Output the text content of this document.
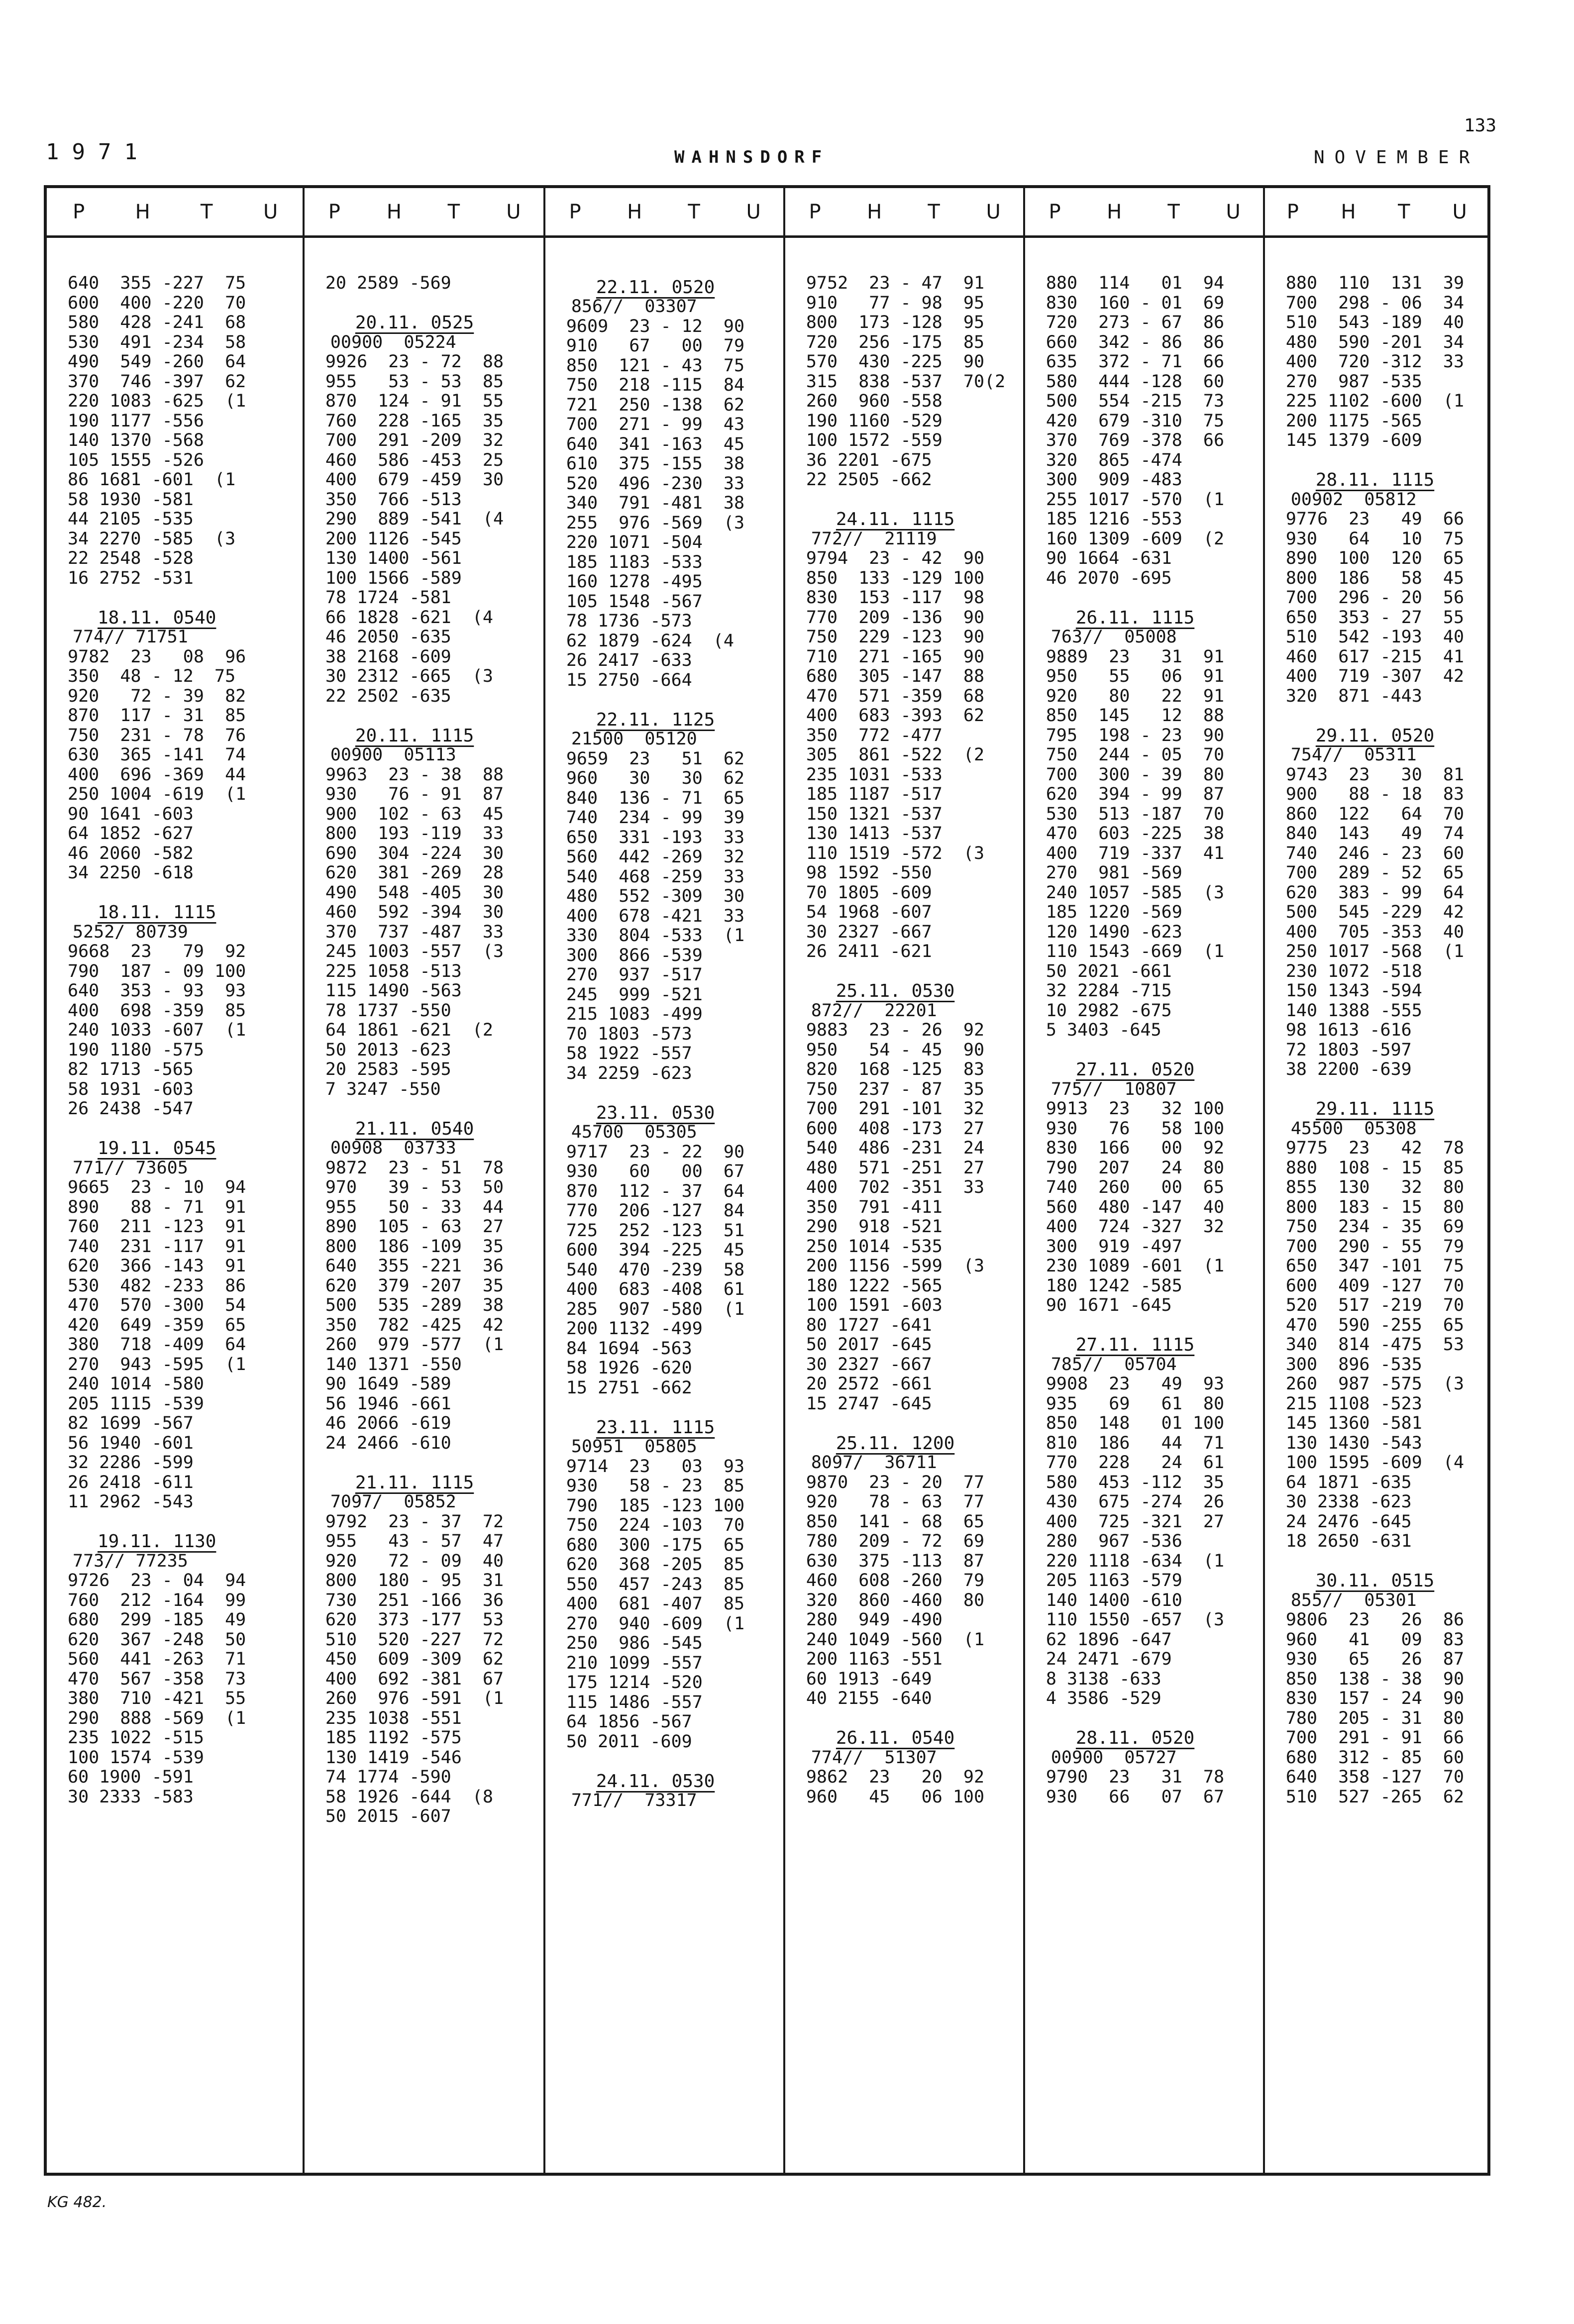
133
1971	WAHNSDORF	NOVEMBER
P	H	T	U
640  355 -227  75
600  400 -220  70
580  428 -241  68
530  491 -234  58
490  549 -260  64
370  746 -397  62
220 1083 -625  (1
190 1177 -556
140 1370 -568
105 1555 -526
86 1681 -601  (1
58 1930 -581
44 2105 -535
34 2270 -585  (3
22 2548 -528
16 2752 -531
18.11. 0540
774// 71751
9782  23   08  96
350  48 - 12  75
920   72 - 39  82
870  117 - 31  85
750  231 - 78  76
630  365 -141  74
400  696 -369  44
250 1004 -619  (1
90 1641 -603
64 1852 -627
46 2060 -582
34 2250 -618
18.11. 1115
5252/ 80739
9668  23   79  92
790  187 - 09 100
640  353 - 93  93
400  698 -359  85
240 1033 -607  (1
190 1180 -575
82 1713 -565
58 1931 -603
26 2438 -547
19.11. 0545
771// 73605
9665  23 - 10  94
890   88 - 71  91
760  211 -123  91
740  231 -117  91
620  366 -143  91
530  482 -233  86
470  570 -300  54
420  649 -359  65
380  718 -409  64
270  943 -595  (1
240 1014 -580
205 1115 -539
82 1699 -567
56 1940 -601
32 2286 -599
26 2418 -611
11 2962 -543
19.11. 1130
773// 77235
9726  23 - 04  94
760  212 -164  99
680  299 -185  49
620  367 -248  50
560  441 -263  71
470  567 -358  73
380  710 -421  55
290  888 -569  (1
235 1022 -515
100 1574 -539
60 1900 -591
30 2333 -583
P	H	T	U
20 2589 -569
20.11. 0525
00900  05224
9926  23 - 72  88
955   53 - 53  85
870  124 - 91  55
760  228 -165  35
700  291 -209  32
460  586 -453  25
400  679 -459  30
350  766 -513
290  889 -541  (4
200 1126 -545
130 1400 -561
100 1566 -589
78 1724 -581
66 1828 -621  (4
46 2050 -635
38 2168 -609
30 2312 -665  (3
22 2502 -635
20.11. 1115
00900  05113
9963  23 - 38  88
930   76 - 91  87
900  102 - 63  45
800  193 -119  33
690  304 -224  30
620  381 -269  28
490  548 -405  30
460  592 -394  30
370  737 -487  33
245 1003 -557  (3
225 1058 -513
115 1490 -563
78 1737 -550
64 1861 -621  (2
50 2013 -623
20 2583 -595
7 3247 -550
21.11. 0540
00908  03733
9872  23 - 51  78
970   39 - 53  50
955   50 - 33  44
890  105 - 63  27
800  186 -109  35
640  355 -221  36
620  379 -207  35
500  535 -289  38
350  782 -425  42
260  979 -577  (1
140 1371 -550
90 1649 -589
56 1946 -661
46 2066 -619
24 2466 -610
21.11. 1115
7097/  05852
9792  23 - 37  72
955   43 - 57  47
920   72 - 09  40
800  180 - 95  31
730  251 -166  36
620  373 -177  53
510  520 -227  72
450  609 -309  62
400  692 -381  67
260  976 -591  (1
235 1038 -551
185 1192 -575
130 1419 -546
74 1774 -590
58 1926 -644  (8
50 2015 -607
P	H	T	U
22.11. 0520
856//  03307
9609  23 - 12  90
910   67   00  79
850  121 - 43  75
750  218 -115  84
721  250 -138  62
700  271 - 99  43
640  341 -163  45
610  375 -155  38
520  496 -230  33
340  791 -481  38
255  976 -569  (3
220 1071 -504
185 1183 -533
160 1278 -495
105 1548 -567
78 1736 -573
62 1879 -624  (4
26 2417 -633
15 2750 -664
22.11. 1125
21500  05120
9659  23   51  62
960   30   30  62
840  136 - 71  65
740  234 - 99  39
650  331 -193  33
560  442 -269  32
540  468 -259  33
480  552 -309  30
400  678 -421  33
330  804 -533  (1
300  866 -539
270  937 -517
245  999 -521
215 1083 -499
70 1803 -573
58 1922 -557
34 2259 -623
23.11. 0530
45700  05305
9717  23 - 22  90
930   60   00  67
870  112 - 37  64
770  206 -127  84
725  252 -123  51
600  394 -225  45
540  470 -239  58
400  683 -408  61
285  907 -580  (1
200 1132 -499
84 1694 -563
58 1926 -620
15 2751 -662
23.11. 1115
50951  05805
9714  23   03  93
930   58 - 23  85
790  185 -123 100
750  224 -103  70
680  300 -175  65
620  368 -205  85
550  457 -243  85
400  681 -407  85
270  940 -609  (1
250  986 -545
210 1099 -557
175 1214 -520
115 1486 -557
64 1856 -567
50 2011 -609
24.11. 0530
771//  73317
P	H	T	U
9752  23 - 47  91
910   77 - 98  95
800  173 -128  95
720  256 -175  85
570  430 -225  90
315  838 -537  70(2
260  960 -558
190 1160 -529
100 1572 -559
36 2201 -675
22 2505 -662
24.11. 1115
772//  21119
9794  23 - 42  90
850  133 -129 100
830  153 -117  98
770  209 -136  90
750  229 -123  90
710  271 -165  90
680  305 -147  88
470  571 -359  68
400  683 -393  62
350  772 -477
305  861 -522  (2
235 1031 -533
185 1187 -517
150 1321 -537
130 1413 -537
110 1519 -572  (3
98 1592 -550
70 1805 -609
54 1968 -607
30 2327 -667
26 2411 -621
25.11. 0530
872//  22201
9883  23 - 26  92
950   54 - 45  90
820  168 -125  83
750  237 - 87  35
700  291 -101  32
600  408 -173  27
540  486 -231  24
480  571 -251  27
400  702 -351  33
350  791 -411
290  918 -521
250 1014 -535
200 1156 -599  (3
180 1222 -565
100 1591 -603
80 1727 -641
50 2017 -645
30 2327 -667
20 2572 -661
15 2747 -645
25.11. 1200
8097/  36711
9870  23 - 20  77
920   78 - 63  77
850  141 - 68  65
780  209 - 72  69
630  375 -113  87
460  608 -260  79
320  860 -460  80
280  949 -490
240 1049 -560  (1
200 1163 -551
60 1913 -649
40 2155 -640
26.11. 0540
774//  51307
9862  23   20  92
960   45   06 100
P	H	T	U
880  114   01  94
830  160 - 01  69
720  273 - 67  86
660  342 - 86  86
635  372 - 71  66
580  444 -128  60
500  554 -215  73
420  679 -310  75
370  769 -378  66
320  865 -474
300  909 -483
255 1017 -570  (1
185 1216 -553
160 1309 -609  (2
90 1664 -631
46 2070 -695
26.11. 1115
763//  05008
9889  23   31  91
950   55   06  91
920   80   22  91
850  145   12  88
795  198 - 23  90
750  244 - 05  70
700  300 - 39  80
620  394 - 99  87
530  513 -187  70
470  603 -225  38
400  719 -337  41
270  981 -569
240 1057 -585  (3
185 1220 -569
120 1490 -623
110 1543 -669  (1
50 2021 -661
32 2284 -715
10 2982 -675
5 3403 -645
27.11. 0520
775//  10807
9913  23   32 100
930   76   58 100
830  166   00  92
790  207   24  80
740  260   00  65
560  480 -147  40
400  724 -327  32
300  919 -497
230 1089 -601  (1
180 1242 -585
90 1671 -645
27.11. 1115
785//  05704
9908  23   49  93
935   69   61  80
850  148   01 100
810  186   44  71
770  228   24  61
580  453 -112  35
430  675 -274  26
400  725 -321  27
280  967 -536
220 1118 -634  (1
205 1163 -579
140 1400 -610
110 1550 -657  (3
62 1896 -647
24 2471 -679
8 3138 -633
4 3586 -529
28.11. 0520
00900  05727
9790  23   31  78
930   66   07  67
P	H	T	U
880  110  131  39
700  298 - 06  34
510  543 -189  40
480  590 -201  34
400  720 -312  33
270  987 -535
225 1102 -600  (1
200 1175 -565
145 1379 -609
28.11. 1115
00902  05812
9776  23   49  66
930   64   10  75
890  100  120  65
800  186   58  45
700  296 - 20  56
650  353 - 27  55
510  542 -193  40
460  617 -215  41
400  719 -307  42
320  871 -443
29.11. 0520
754//  05311
9743  23   30  81
900   88 - 18  83
860  122   64  70
840  143   49  74
740  246 - 23  60
700  289 - 52  65
620  383 - 99  64
500  545 -229  42
400  705 -353  40
250 1017 -568  (1
230 1072 -518
150 1343 -594
140 1388 -555
98 1613 -616
72 1803 -597
38 2200 -639
29.11. 1115
45500  05308
9775  23   42  78
880  108 - 15  85
855  130   32  80
800  183 - 15  80
750  234 - 35  69
700  290 - 55  79
650  347 -101  75
600  409 -127  70
520  517 -219  70
470  590 -255  65
340  814 -475  53
300  896 -535
260  987 -575  (3
215 1108 -523
145 1360 -581
130 1430 -543
100 1595 -609  (4
64 1871 -635
30 2338 -623
24 2476 -645
18 2650 -631
30.11. 0515
855//  05301
9806  23   26  86
960   41   09  83
930   65   26  87
850  138 - 38  90
830  157 - 24  90
780  205 - 31  80
700  291 - 91  66
680  312 - 85  60
640  358 -127  70
510  527 -265  62
KG 482.
